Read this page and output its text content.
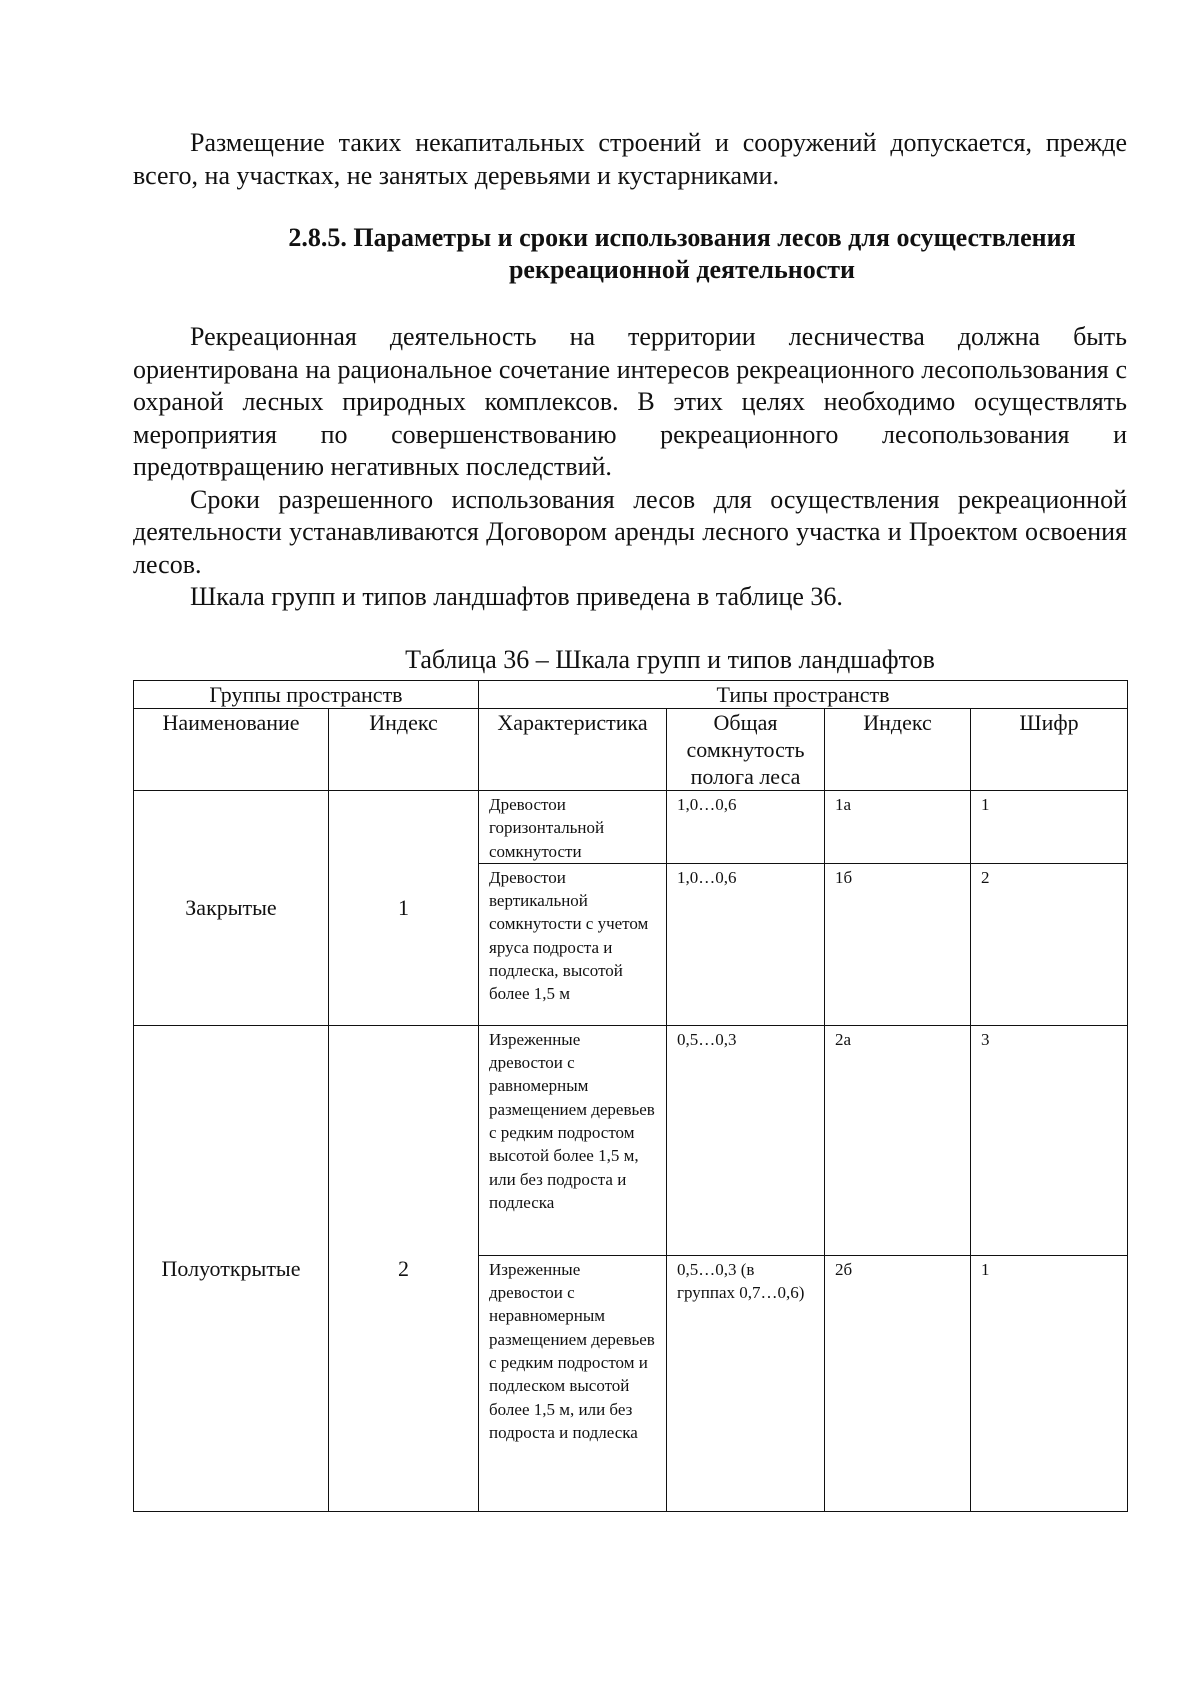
Размещение таких некапитальных строений и сооружений допускается, прежде всего, на участках, не занятых деревьями и кустарниками.

2.8.5. Параметры и сроки использования лесов для осуществления
рекреационной деятельности

Рекреационная деятельность на территории лесничества должна быть ориентирована на рациональное сочетание интересов рекреационного лесопользования с охраной лесных природных комплексов. В этих целях необходимо осуществлять мероприятия по совершенствованию рекреационного лесопользования и предотвращению негативных последствий.

Сроки разрешенного использования лесов для осуществления рекреационной деятельности устанавливаются Договором аренды лесного участка и Проектом освоения лесов.

Шкала групп и типов ландшафтов приведена в таблице 36.

Таблица 36 – Шкала групп и типов ландшафтов

Группы пространств		Типы пространств			
Наименование	Индекс	Характеристика	Общая сомкнутость полога леса	Индекс	Шифр
Закрытые	1	Древостои горизонтальной сомкнутости	1,0…0,6	1а	1
		Древостои вертикальной сомкнутости с учетом яруса подроста и подлеска, высотой более 1,5 м	1,0…0,6	1б	2
Полуоткрытые	2	Изреженные древостои с равномерным размещением деревьев с редким подростом высотой более 1,5 м, или без подроста и подлеска	0,5…0,3	2а	3
		Изреженные древостои с неравномерным размещением деревьев с редким подростом и подлеском высотой более 1,5 м, или без подроста и подлеска	0,5…0,3 (в группах 0,7…0,6)	2б	1
